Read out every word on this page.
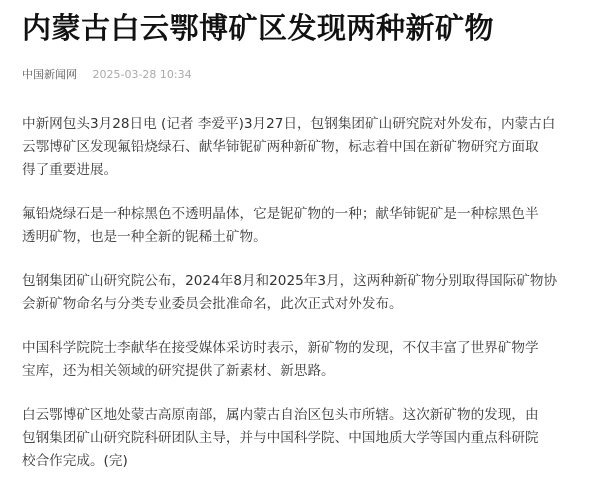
内蒙古白云鄂博矿区发现两种新矿物
中国新闻网 2025-03-28 10:34

中新网包头3月28日电 (记者 李爱平)3月27日，包钢集团矿山研究院对外发布，内蒙古白
云鄂博矿区发现氟铅烧绿石、献华铈铌矿两种新矿物，标志着中国在新矿物研究方面取
得了重要进展。

氟铅烧绿石是一种棕黑色不透明晶体，它是铌矿物的一种；献华铈铌矿是一种棕黑色半
透明矿物，也是一种全新的铌稀土矿物。

包钢集团矿山研究院公布，2024年8月和2025年3月，这两种新矿物分别取得国际矿物协
会新矿物命名与分类专业委员会批准命名，此次正式对外发布。

中国科学院院士李献华在接受媒体采访时表示，新矿物的发现，不仅丰富了世界矿物学
宝库，还为相关领域的研究提供了新素材、新思路。

白云鄂博矿区地处蒙古高原南部，属内蒙古自治区包头市所辖。这次新矿物的发现，由
包钢集团矿山研究院科研团队主导，并与中国科学院、中国地质大学等国内重点科研院
校合作完成。(完)
